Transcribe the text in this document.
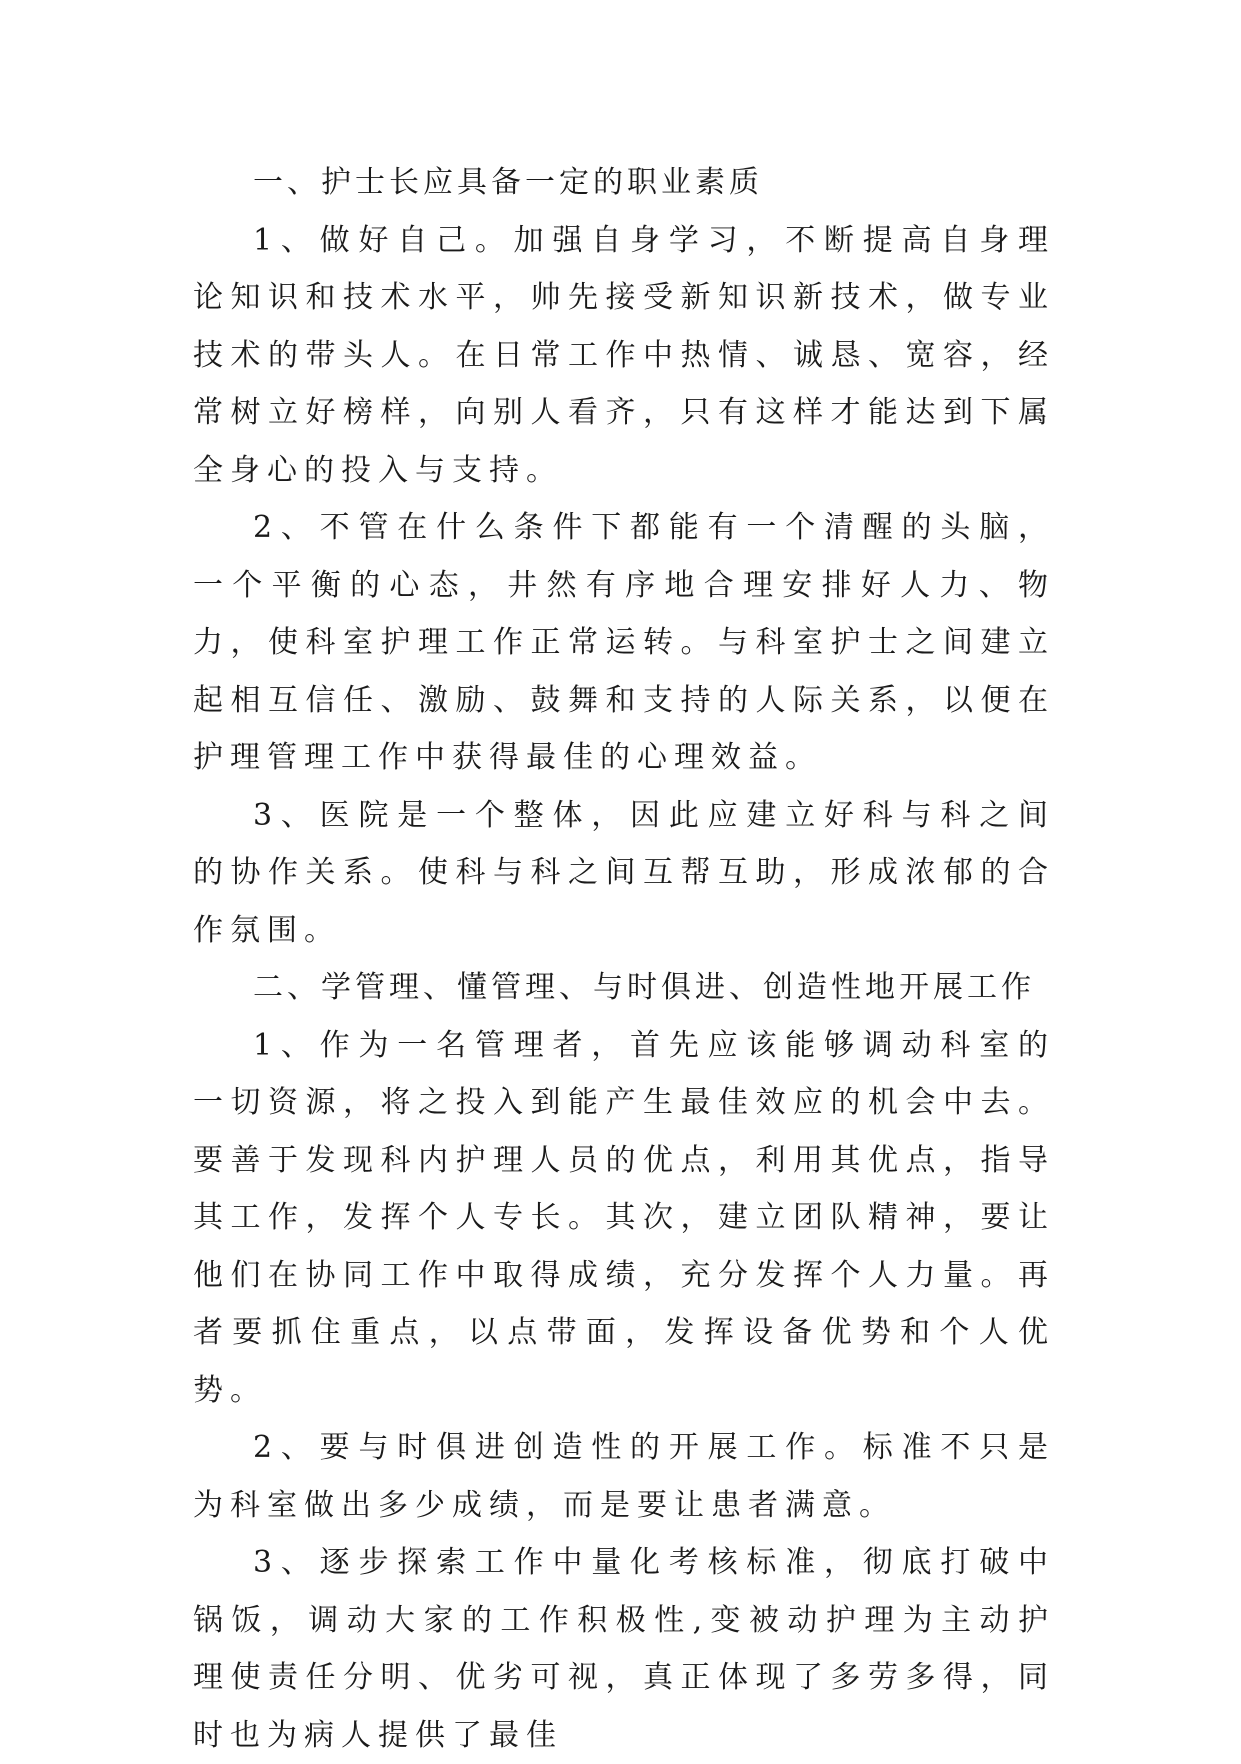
一、护士长应具备一定的职业素质

1、做好自己。加强自身学习，不断提高自身理论知识和技术水平，帅先接受新知识新技术，做专业技术的带头人。在日常工作中热情、诚恳、宽容，经常树立好榜样，向别人看齐，只有这样才能达到下属全身心的投入与支持。

2、不管在什么条件下都能有一个清醒的头脑，一个平衡的心态，井然有序地合理安排好人力、物力，使科室护理工作正常运转。与科室护士之间建立起相互信任、激励、鼓舞和支持的人际关系，以便在护理管理工作中获得最佳的心理效益。

3、医院是一个整体，因此应建立好科与科之间的协作关系。使科与科之间互帮互助，形成浓郁的合作氛围。

二、学管理、懂管理、与时俱进、创造性地开展工作

1、作为一名管理者，首先应该能够调动科室的一切资源，将之投入到能产生最佳效应的机会中去。要善于发现科内护理人员的优点，利用其优点，指导其工作，发挥个人专长。其次，建立团队精神，要让他们在协同工作中取得成绩，充分发挥个人力量。再者要抓住重点，以点带面，发挥设备优势和个人优势。

2、要与时俱进创造性的开展工作。标准不只是为科室做出多少成绩，而是要让患者满意。

3、逐步探索工作中量化考核标准，彻底打破中锅饭，调动大家的工作积极性,变被动护理为主动护理使责任分明、优劣可视，真正体现了多劳多得，同时也为病人提供了最佳
